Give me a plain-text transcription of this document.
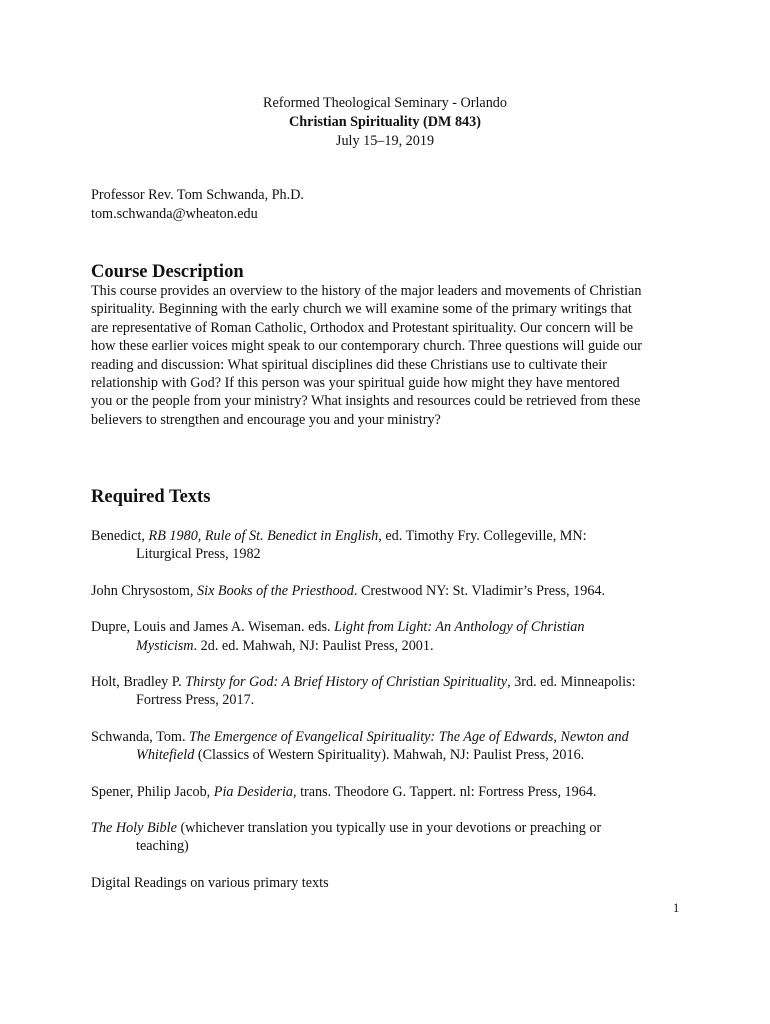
Reformed Theological Seminary - Orlando
Christian Spirituality (DM 843)
July 15–19, 2019
Professor Rev. Tom Schwanda, Ph.D.
tom.schwanda@wheaton.edu
Course Description

This course provides an overview to the history of the major leaders and movements of Christian
spirituality. Beginning with the early church we will examine some of the primary writings that
are representative of Roman Catholic, Orthodox and Protestant spirituality. Our concern will be
how these earlier voices might speak to our contemporary church. Three questions will guide our
reading and discussion: What spiritual disciplines did these Christians use to cultivate their
relationship with God? If this person was your spiritual guide how might they have mentored
you or the people from your ministry? What insights and resources could be retrieved from these
believers to strengthen and encourage you and your ministry?

Required Texts
Benedict, RB 1980, Rule of St. Benedict in English, ed. Timothy Fry. Collegeville, MN:
Liturgical Press, 1982
John Chrysostom, Six Books of the Priesthood. Crestwood NY: St. Vladimir’s Press, 1964.
Dupre, Louis and James A. Wiseman. eds. Light from Light: An Anthology of Christian
Mysticism. 2d. ed. Mahwah, NJ: Paulist Press, 2001.
Holt, Bradley P. Thirsty for God: A Brief History of Christian Spirituality, 3rd. ed. Minneapolis:
Fortress Press, 2017.
Schwanda, Tom. The Emergence of Evangelical Spirituality: The Age of Edwards, Newton and
Whitefield (Classics of Western Spirituality). Mahwah, NJ: Paulist Press, 2016.
Spener, Philip Jacob, Pia Desideria, trans. Theodore G. Tappert. nl: Fortress Press, 1964.
The Holy Bible (whichever translation you typically use in your devotions or preaching or
teaching)
Digital Readings on various primary texts
1
